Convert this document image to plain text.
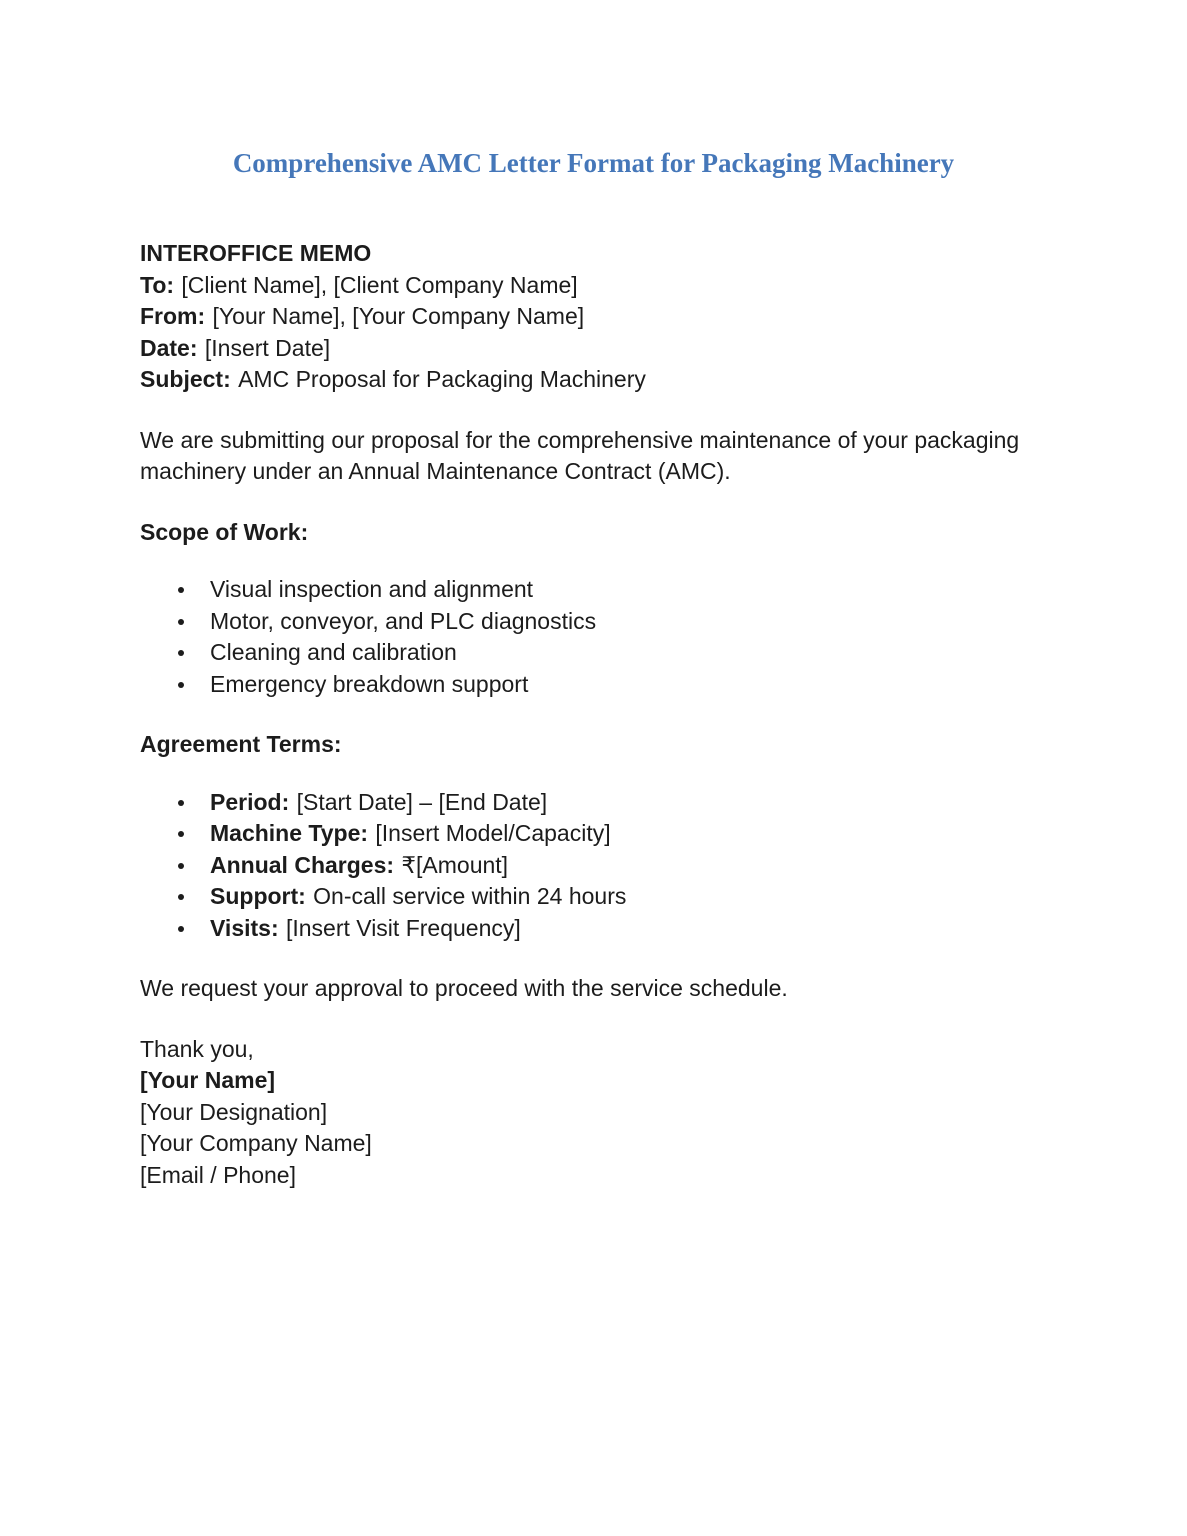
Comprehensive AMC Letter Format for Packaging Machinery
INTEROFFICE MEMO
To: [Client Name], [Client Company Name]
From: [Your Name], [Your Company Name]
Date: [Insert Date]
Subject: AMC Proposal for Packaging Machinery

We are submitting our proposal for the comprehensive maintenance of your packaging machinery under an Annual Maintenance Contract (AMC).

Scope of Work:
Visual inspection and alignment
Motor, conveyor, and PLC diagnostics
Cleaning and calibration
Emergency breakdown support
Agreement Terms:
Period: [Start Date] – [End Date]
Machine Type: [Insert Model/Capacity]
Annual Charges: ₹[Amount]
Support: On-call service within 24 hours
Visits: [Insert Visit Frequency]

We request your approval to proceed with the service schedule.

Thank you,
[Your Name]
[Your Designation]
[Your Company Name]
[Email / Phone]
